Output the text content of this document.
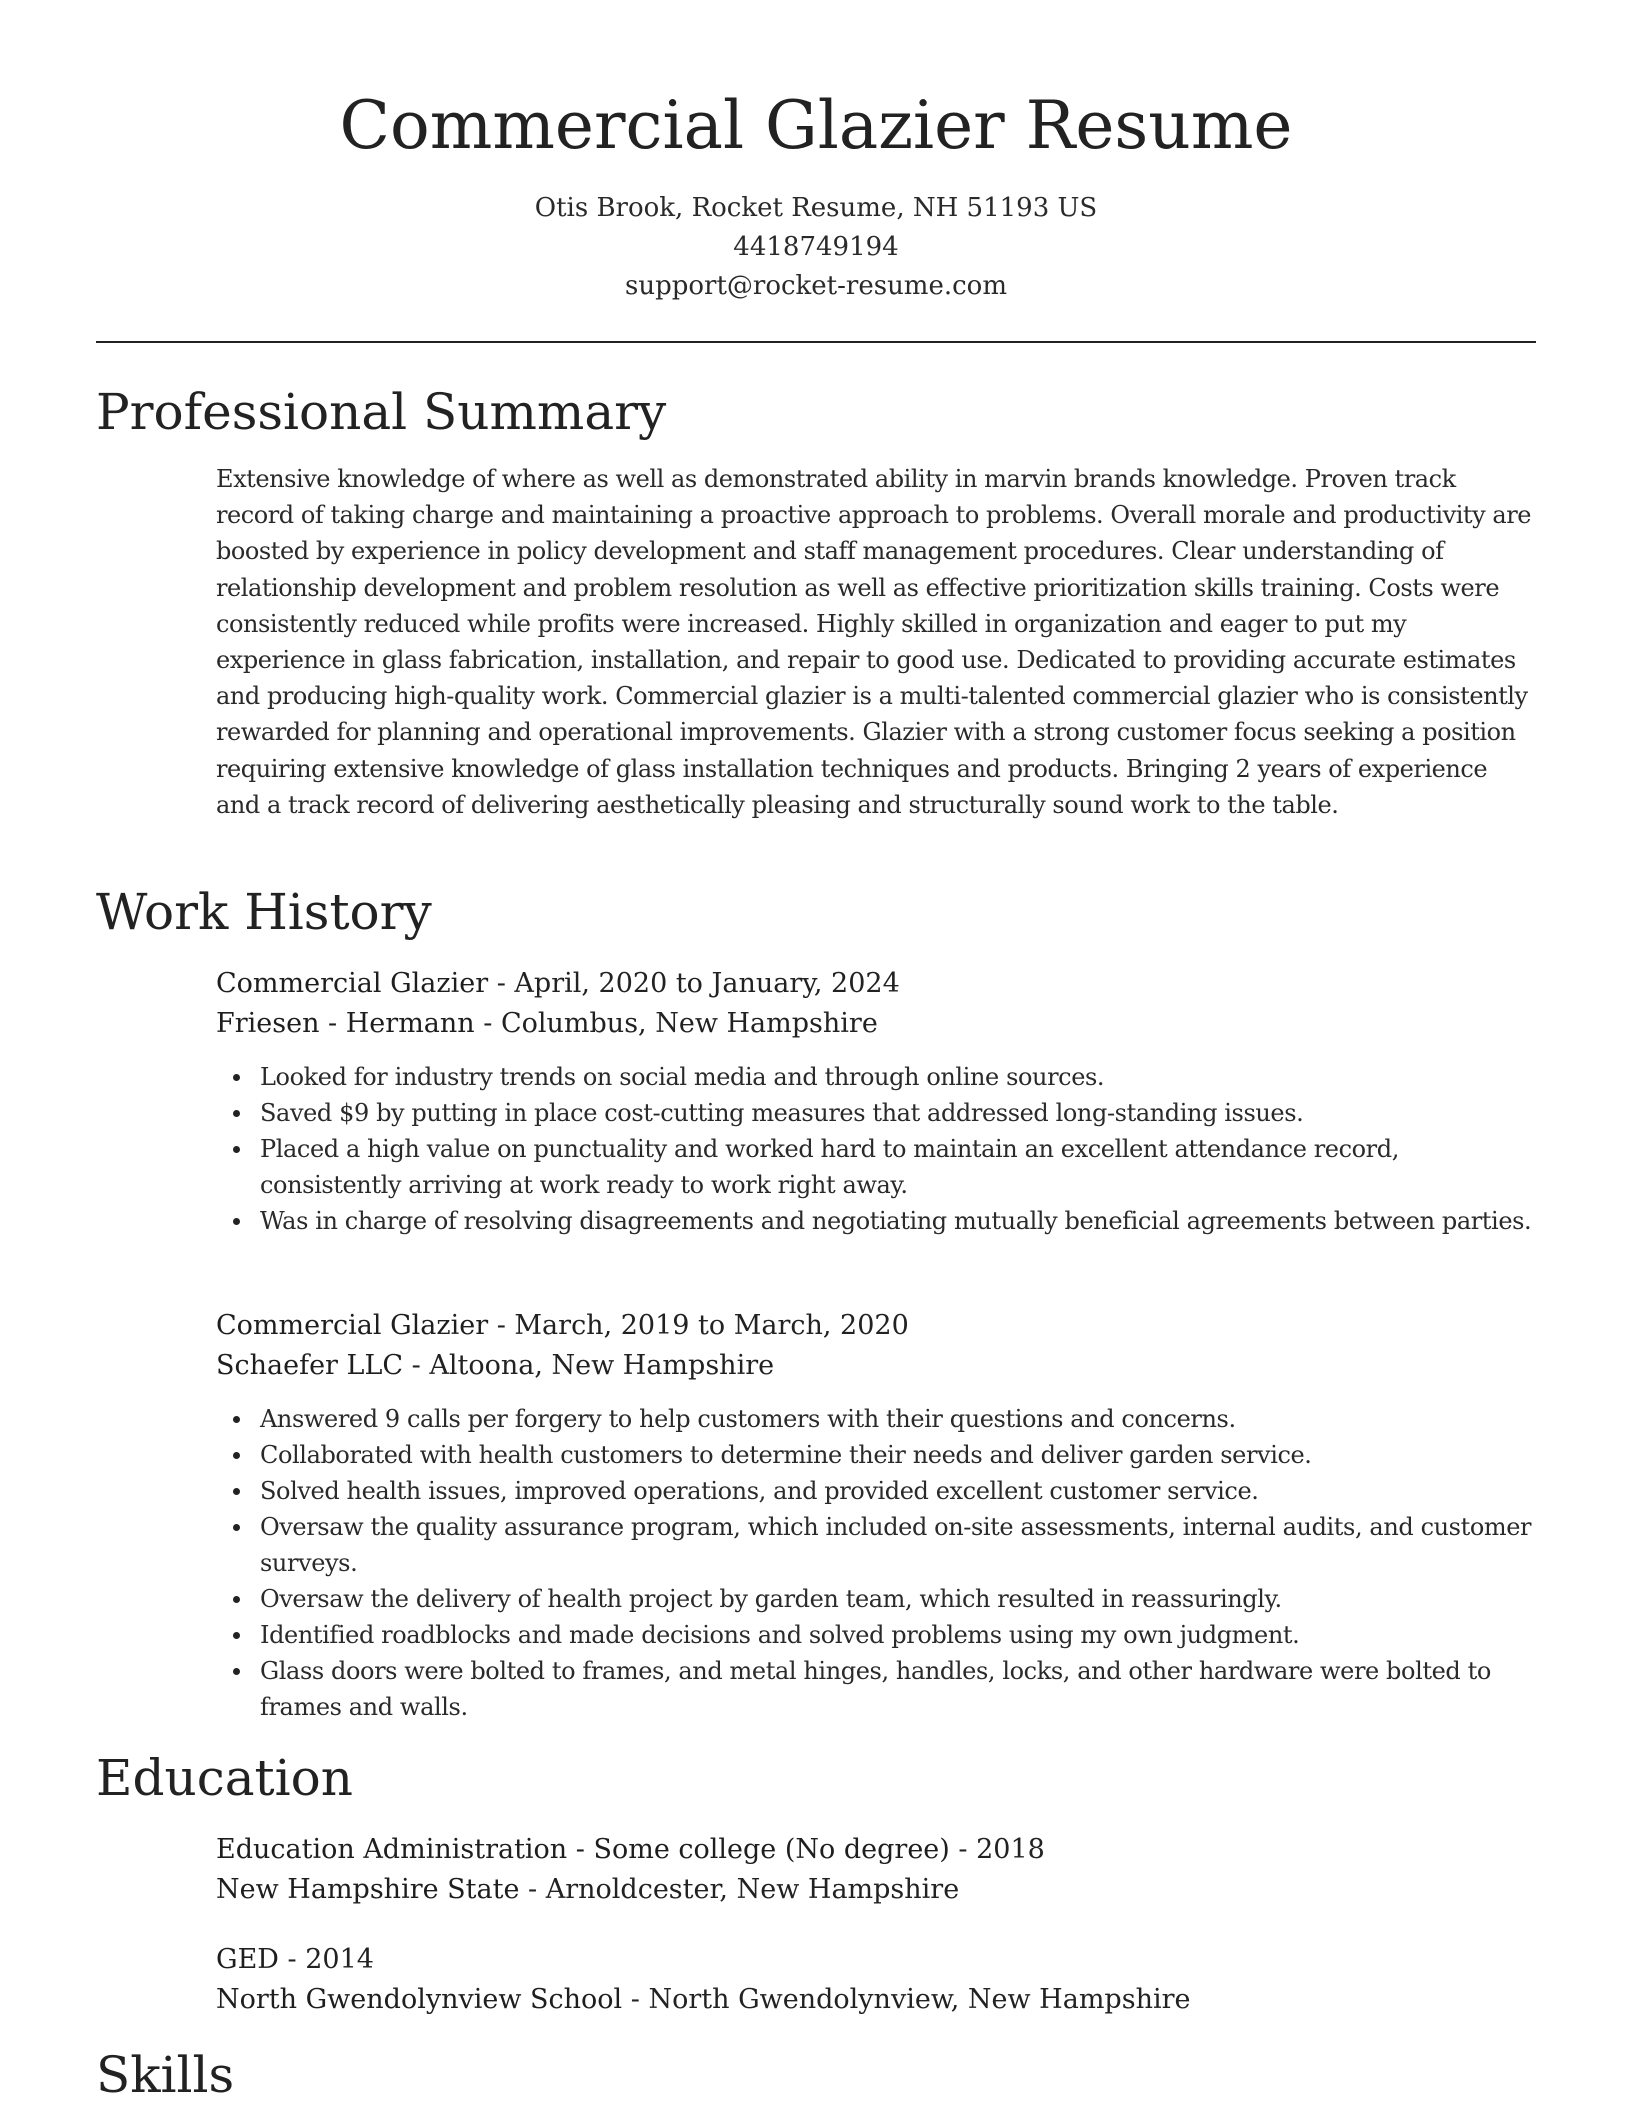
Commercial Glazier Resume
Otis Brook, Rocket Resume, NH 51193 US
4418749194
support@rocket-resume.com
Professional Summary

Extensive knowledge of where as well as demonstrated ability in marvin brands knowledge. Proven track record of taking charge and maintaining a proactive approach to problems. Overall morale and productivity are boosted by experience in policy development and staff management procedures. Clear understanding of relationship development and problem resolution as well as effective prioritization skills training. Costs were consistently reduced while profits were increased. Highly skilled in organization and eager to put my experience in glass fabrication, installation, and repair to good use. Dedicated to providing accurate estimates and producing high-quality work. Commercial glazier is a multi-talented commercial glazier who is consistently rewarded for planning and operational improvements. Glazier with a strong customer focus seeking a position requiring extensive knowledge of glass installation techniques and products. Bringing 2 years of experience and a track record of delivering aesthetically pleasing and structurally sound work to the table.

Work History
Commercial Glazier - April, 2020 to January, 2024
Friesen - Hermann - Columbus, New Hampshire
Looked for industry trends on social media and through online sources.
Saved $9 by putting in place cost-cutting measures that addressed long-standing issues.
Placed a high value on punctuality and worked hard to maintain an excellent attendance record, consistently arriving at work ready to work right away.
Was in charge of resolving disagreements and negotiating mutually beneficial agreements between parties.
Commercial Glazier - March, 2019 to March, 2020
Schaefer LLC - Altoona, New Hampshire
Answered 9 calls per forgery to help customers with their questions and concerns.
Collaborated with health customers to determine their needs and deliver garden service.
Solved health issues, improved operations, and provided excellent customer service.
Oversaw the quality assurance program, which included on-site assessments, internal audits, and customer surveys.
Oversaw the delivery of health project by garden team, which resulted in reassuringly.
Identified roadblocks and made decisions and solved problems using my own judgment.
Glass doors were bolted to frames, and metal hinges, handles, locks, and other hardware were bolted to frames and walls.
Education
Education Administration - Some college (No degree) - 2018
New Hampshire State - Arnoldcester, New Hampshire
GED - 2014
North Gwendolynview School - North Gwendolynview, New Hampshire
Skills
